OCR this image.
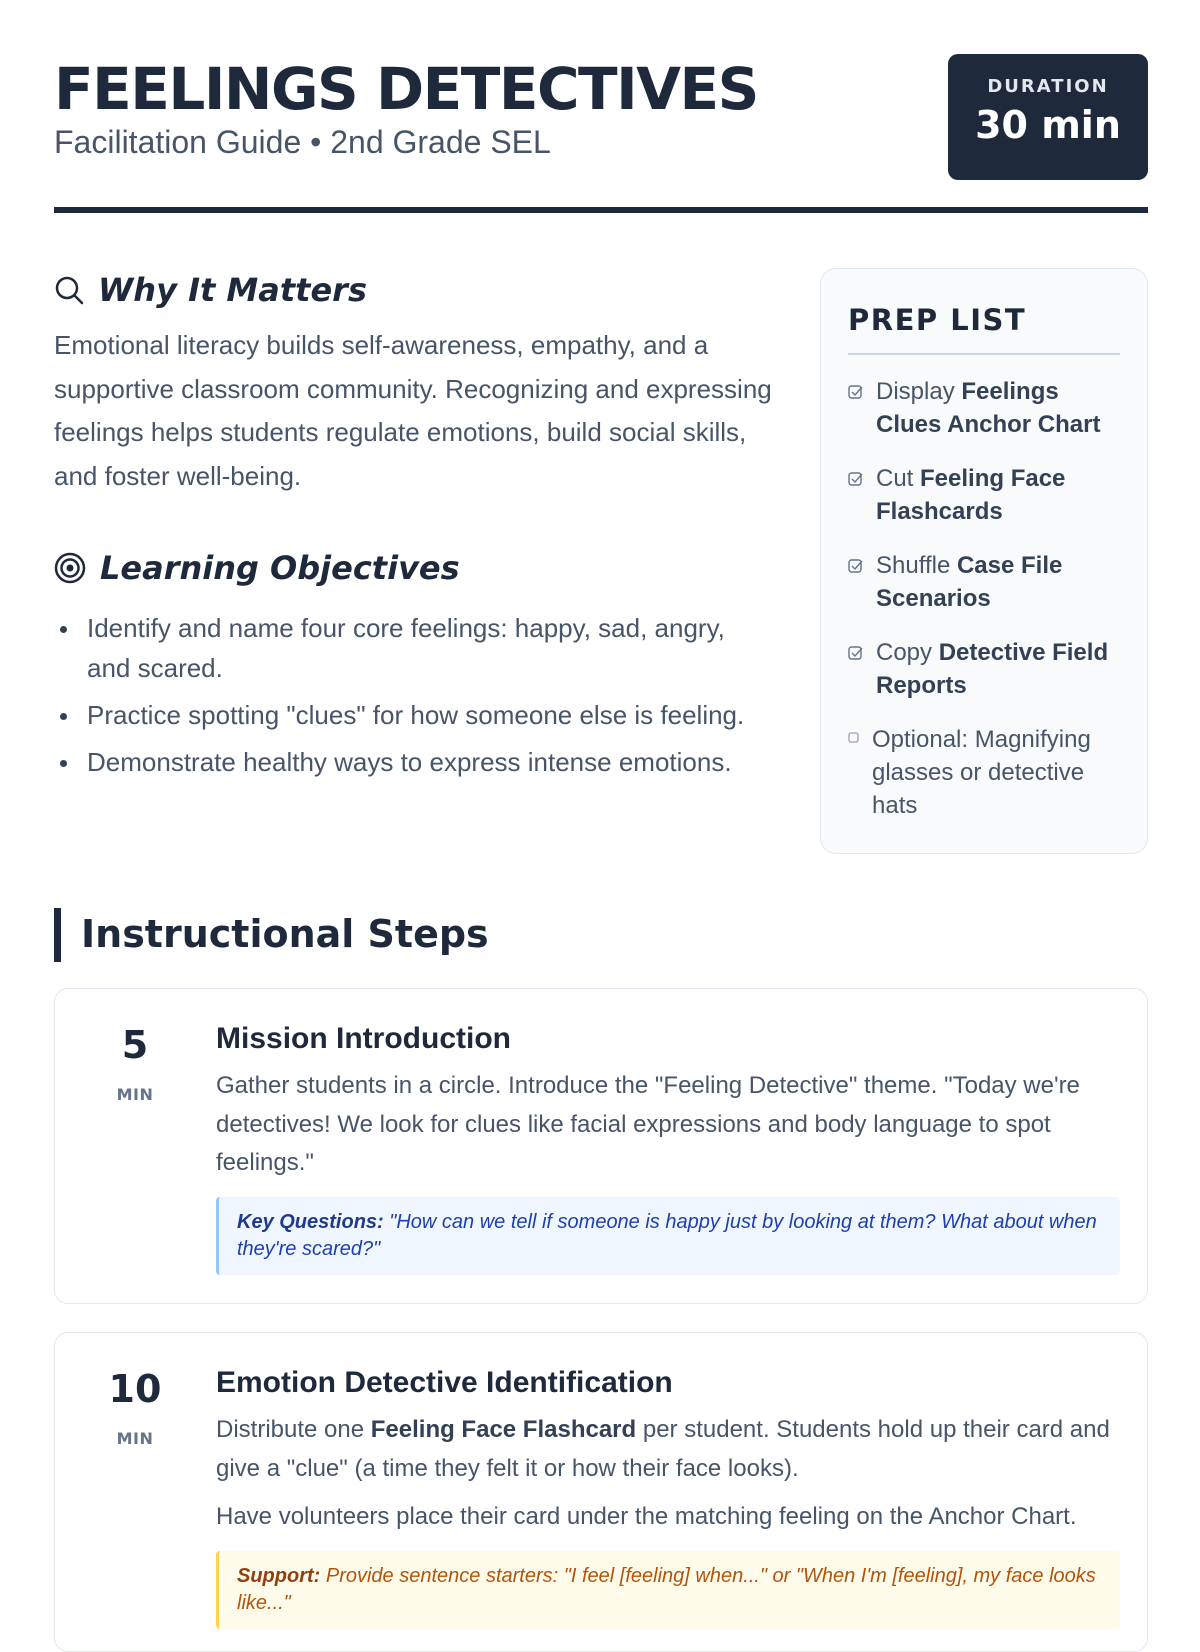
FEELINGS DETECTIVES
Facilitation Guide • 2nd Grade SEL
DURATION
30 min
Why It Matters

Emotional literacy builds self-awareness, empathy, and a supportive classroom community. Recognizing and expressing feelings helps students regulate emotions, build social skills, and foster well-being.

Learning Objectives
Identify and name four core feelings: happy, sad, angry, and scared.
Practice spotting "clues" for how someone else is feeling.
Demonstrate healthy ways to express intense emotions.
PREP LIST
Display Feelings Clues Anchor Chart
Cut Feeling Face Flashcards
Shuffle Case File Scenarios
Copy Detective Field Reports
Optional: Magnifying glasses or detective hats
Instructional Steps
5
MIN
Mission Introduction
Gather students in a circle. Introduce the "Feeling Detective" theme. "Today we're detectives! We look for clues like facial expressions and body language to spot feelings."
Key Questions: "How can we tell if someone is happy just by looking at them? What about when they're scared?"
10
MIN
Emotion Detective Identification
Distribute one Feeling Face Flashcard per student. Students hold up their card and give a "clue" (a time they felt it or how their face looks).
Have volunteers place their card under the matching feeling on the Anchor Chart.
Support: Provide sentence starters: "I feel [feeling] when..." or "When I'm [feeling], my face looks like..."
